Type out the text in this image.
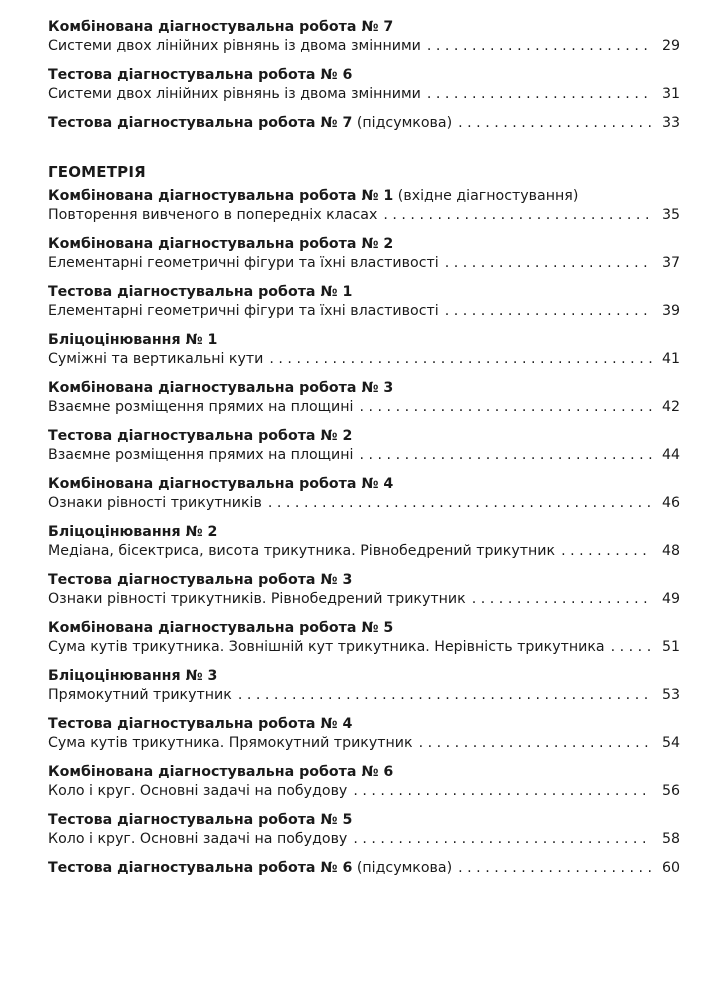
Комбінована діагностувальна робота № 7
Системи двох лінійних рівнянь із двома змінними . . .	29
Тестова діагностувальна робота № 6
Системи двох лінійних рівнянь із двома змінними . . .	31
Тестова діагностувальна робота № 7 (підсумкова) . . .	33
ГЕОМЕТРІЯ
Комбінована діагностувальна робота № 1 (вхідне діагностування)
Повторення вивченого в попередніх класах . . .	35
Комбінована діагностувальна робота № 2
Елементарні геометричні фігури та їхні властивості . . .	37
Тестова діагностувальна робота № 1
Елементарні геометричні фігури та їхні властивості . . .	39
Бліцоцінювання № 1
Суміжні та вертикальні кути . . .	41
Комбінована діагностувальна робота № 3
Взаємне розміщення прямих на площині . . .	42
Тестова діагностувальна робота № 2
Взаємне розміщення прямих на площині . . .	44
Комбінована діагностувальна робота № 4
Ознаки рівності трикутників . . .	46
Бліцоцінювання № 2
Медіана, бісектриса, висота трикутника. Рівнобедрений трикутник . . .	48
Тестова діагностувальна робота № 3
Ознаки рівності трикутників. Рівнобедрений трикутник . . .	49
Комбінована діагностувальна робота № 5
Сума кутів трикутника. Зовнішній кут трикутника. Нерівність трикутника . . .	51
Бліцоцінювання № 3
Прямокутний трикутник . . .	53
Тестова діагностувальна робота № 4
Сума кутів трикутника. Прямокутний трикутник . . .	54
Комбінована діагностувальна робота № 6
Коло і круг. Основні задачі на побудову . . .	56
Тестова діагностувальна робота № 5
Коло і круг. Основні задачі на побудову . . .	58
Тестова діагностувальна робота № 6 (підсумкова) . . .	60
